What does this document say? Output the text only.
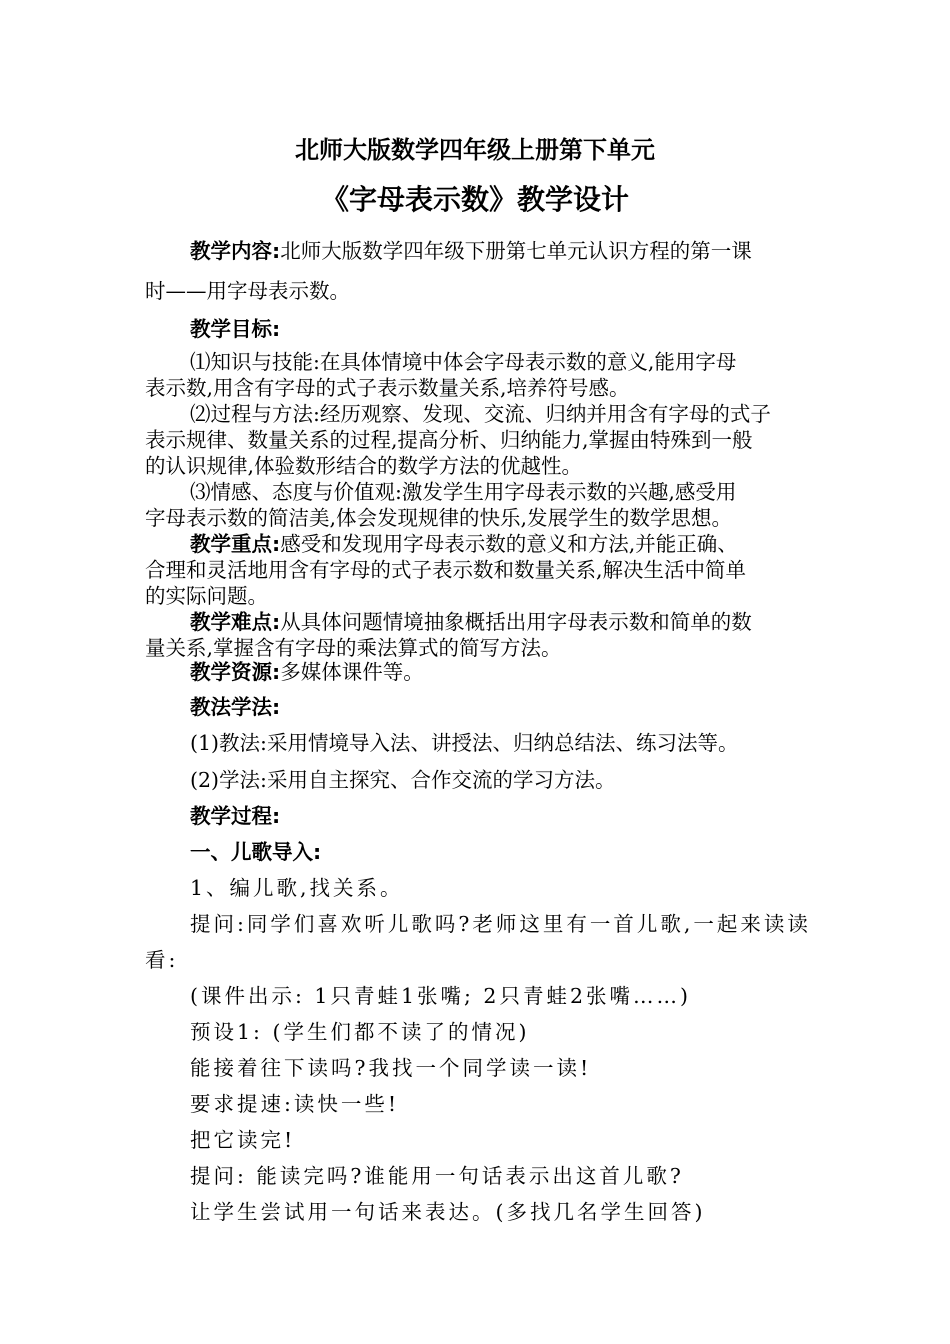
北师大版数学四年级上册第下单元
《字母表示数》教学设计
教学内容:北师大版数学四年级下册第七单元认识方程的第一课
时——用字母表示数。
教学目标:
⑴知识与技能:在具体情境中体会字母表示数的意义,能用字母
表示数,用含有字母的式子表示数量关系,培养符号感。
⑵过程与方法:经历观察、发现、交流、归纳并用含有字母的式子
表示规律、数量关系的过程,提高分析、归纳能力,掌握由特殊到一般
的认识规律,体验数形结合的数学方法的优越性。
⑶情感、态度与价值观:激发学生用字母表示数的兴趣,感受用
字母表示数的简洁美,体会发现规律的快乐,发展学生的数学思想。
教学重点:感受和发现用字母表示数的意义和方法,并能正确、
合理和灵活地用含有字母的式子表示数和数量关系,解决生活中简单
的实际问题。
教学难点:从具体问题情境抽象概括出用字母表示数和简单的数
量关系,掌握含有字母的乘法算式的简写方法。
教学资源:多媒体课件等。
教法学法:
(1)教法:采用情境导入法、讲授法、归纳总结法、练习法等。
(2)学法:采用自主探究、合作交流的学习方法。
教学过程:
一、儿歌导入:
1、编儿歌,找关系。
提问:同学们喜欢听儿歌吗?老师这里有一首儿歌,一起来读读
看:
(课件出示: 1只青蛙1张嘴; 2只青蛙2张嘴……)
预设1: (学生们都不读了的情况)
能接着往下读吗?我找一个同学读一读!
要求提速:读快一些!
把它读完!
提问: 能读完吗?谁能用一句话表示出这首儿歌?
让学生尝试用一句话来表达。(多找几名学生回答)
